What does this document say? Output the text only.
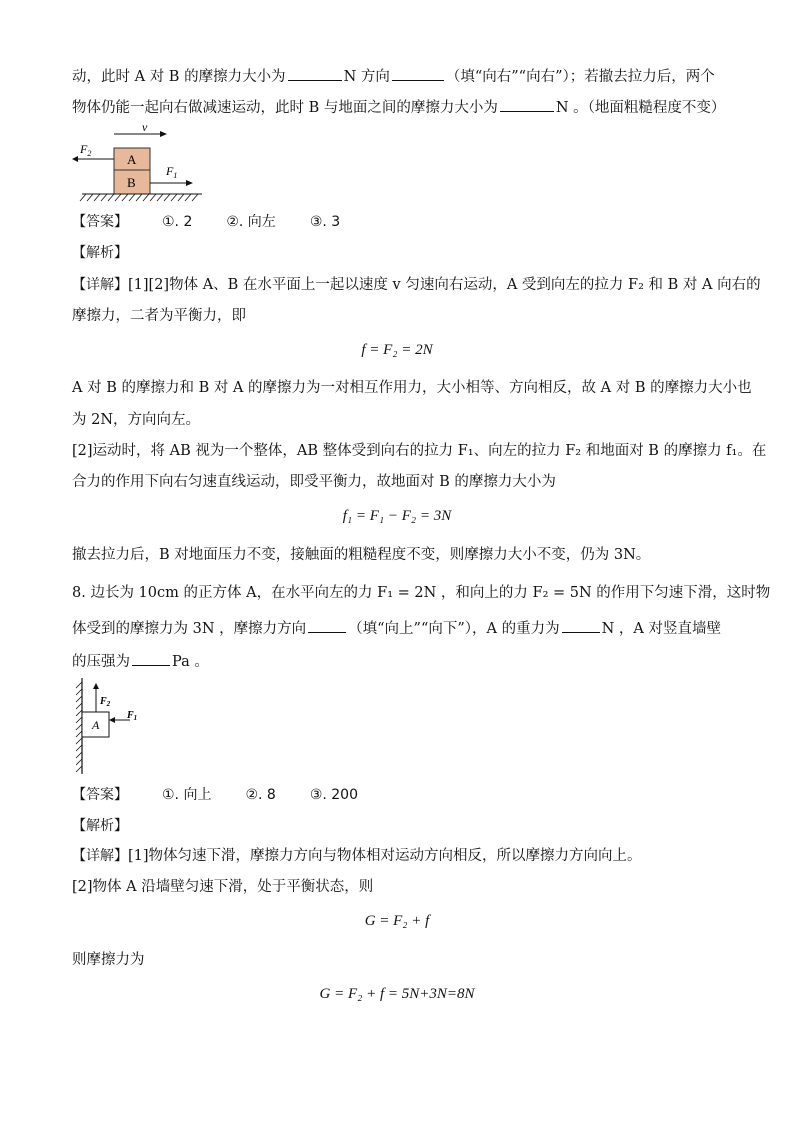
动，此时 A 对 B 的摩擦力大小为	N 方向	（填“向右”“向右”）；若撤去拉力后，两个
物体仍能一起向右做减速运动，此时 B 与地面之间的摩擦力大小为	N 。（地面粗糙程度不变）
v
A
B
$F_2$
$F_1$
【答案】 ①. 2 ②. 向左 ③. 3
【解析】
【详解】[1][2]物体 A、B 在水平面上一起以速度 v 匀速向右运动，A 受到向左的拉力 F₂ 和 B 对 A 向右的
摩擦力，二者为平衡力，即
f = F₂ = 2N
A 对 B 的摩擦力和 B 对 A 的摩擦力为一对相互作用力，大小相等、方向相反，故 A 对 B 的摩擦力大小也
为 2N，方向向左。
[2]运动时，将 AB 视为一个整体，AB 整体受到向右的拉力 F₁、向左的拉力 F₂ 和地面对 B 的摩擦力 f₁。在
合力的作用下向右匀速直线运动，即受平衡力，故地面对 B 的摩擦力大小为
f₁ = F₁ − F₂ = 3N
撤去拉力后，B 对地面压力不变，接触面的粗糙程度不变，则摩擦力大小不变，仍为 3N。
8. 边长为 10cm 的正方体 A，在水平向左的力 F₁ = 2N ，和向上的力 F₂ = 5N 的作用下匀速下滑，这时物
体受到的摩擦力为 3N ，摩擦力方向	（填“向上”“向下”），A 的重力为	N ，A 对竖直墙壁
的压强为	Pa 。
A
$F_2$
$F_1$
【答案】 ①. 向上 ②. 8 ③. 200
【解析】
【详解】[1]物体匀速下滑，摩擦力方向与物体相对运动方向相反，所以摩擦力方向向上。
[2]物体 A 沿墙壁匀速下滑，处于平衡状态，则
G = F₂ + f
则摩擦力为
G = F₂ + f = 5N+3N=8N
